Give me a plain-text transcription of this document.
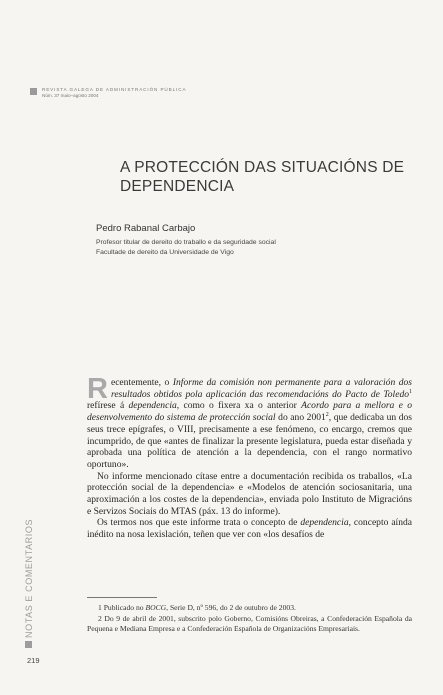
REVISTA GALEGA DE ADMINISTRACIÓN PÚBLICA
Núm. 37 maio–agosto 2004
A PROTECCIÓN DAS SITUACIÓNS DE
DEPENDENCIA
Pedro Rabanal Carbajo
Profesor titular de dereito do traballo e da seguridade social
Facultade de dereito da Universidade de Vigo

Recentemente, o Informe da comisión non permanente para a valoración dos resultados obtidos pola aplicación das recomendacións do Pacto de Toledo$^1$ refírese á dependencia, como o fixera xa o anterior Acordo para a mellora e o desenvolvemento do sistema de protección social do ano 2001$^2$, que dedicaba un dos seus trece epígrafes, o VIII, precisamente a ese fenómeno, co encargo, cremos que incumprido, de que «antes de finalizar la presente legislatura, pueda estar diseñada y aprobada una política de atención a la dependencia, con el rango normativo oportuno».

No informe mencionado cítase entre a documentación recibida os traballos, «La protección social de la dependencia» e «Modelos de atención sociosanitaria, una aproximación a los costes de la dependencia», enviada polo Instituto de Migracións e Servizos Sociais do MTAS (páx. 13 do informe).

Os termos nos que este informe trata o concepto de dependencia, concepto aínda inédito na nosa lexislación, teñen que ver con «los desafíos de

1 Publicado no BOCG, Serie D, nº 596, do 2 de outubro de 2003.

2 Do 9 de abril de 2001, subscrito polo Goberno, Comisións Obreiras, a Confederación Española da Pequena e Mediana Empresa e a Confederación Española de Organizacións Empresariais.

NOTAS E COMENTARIOS
219
